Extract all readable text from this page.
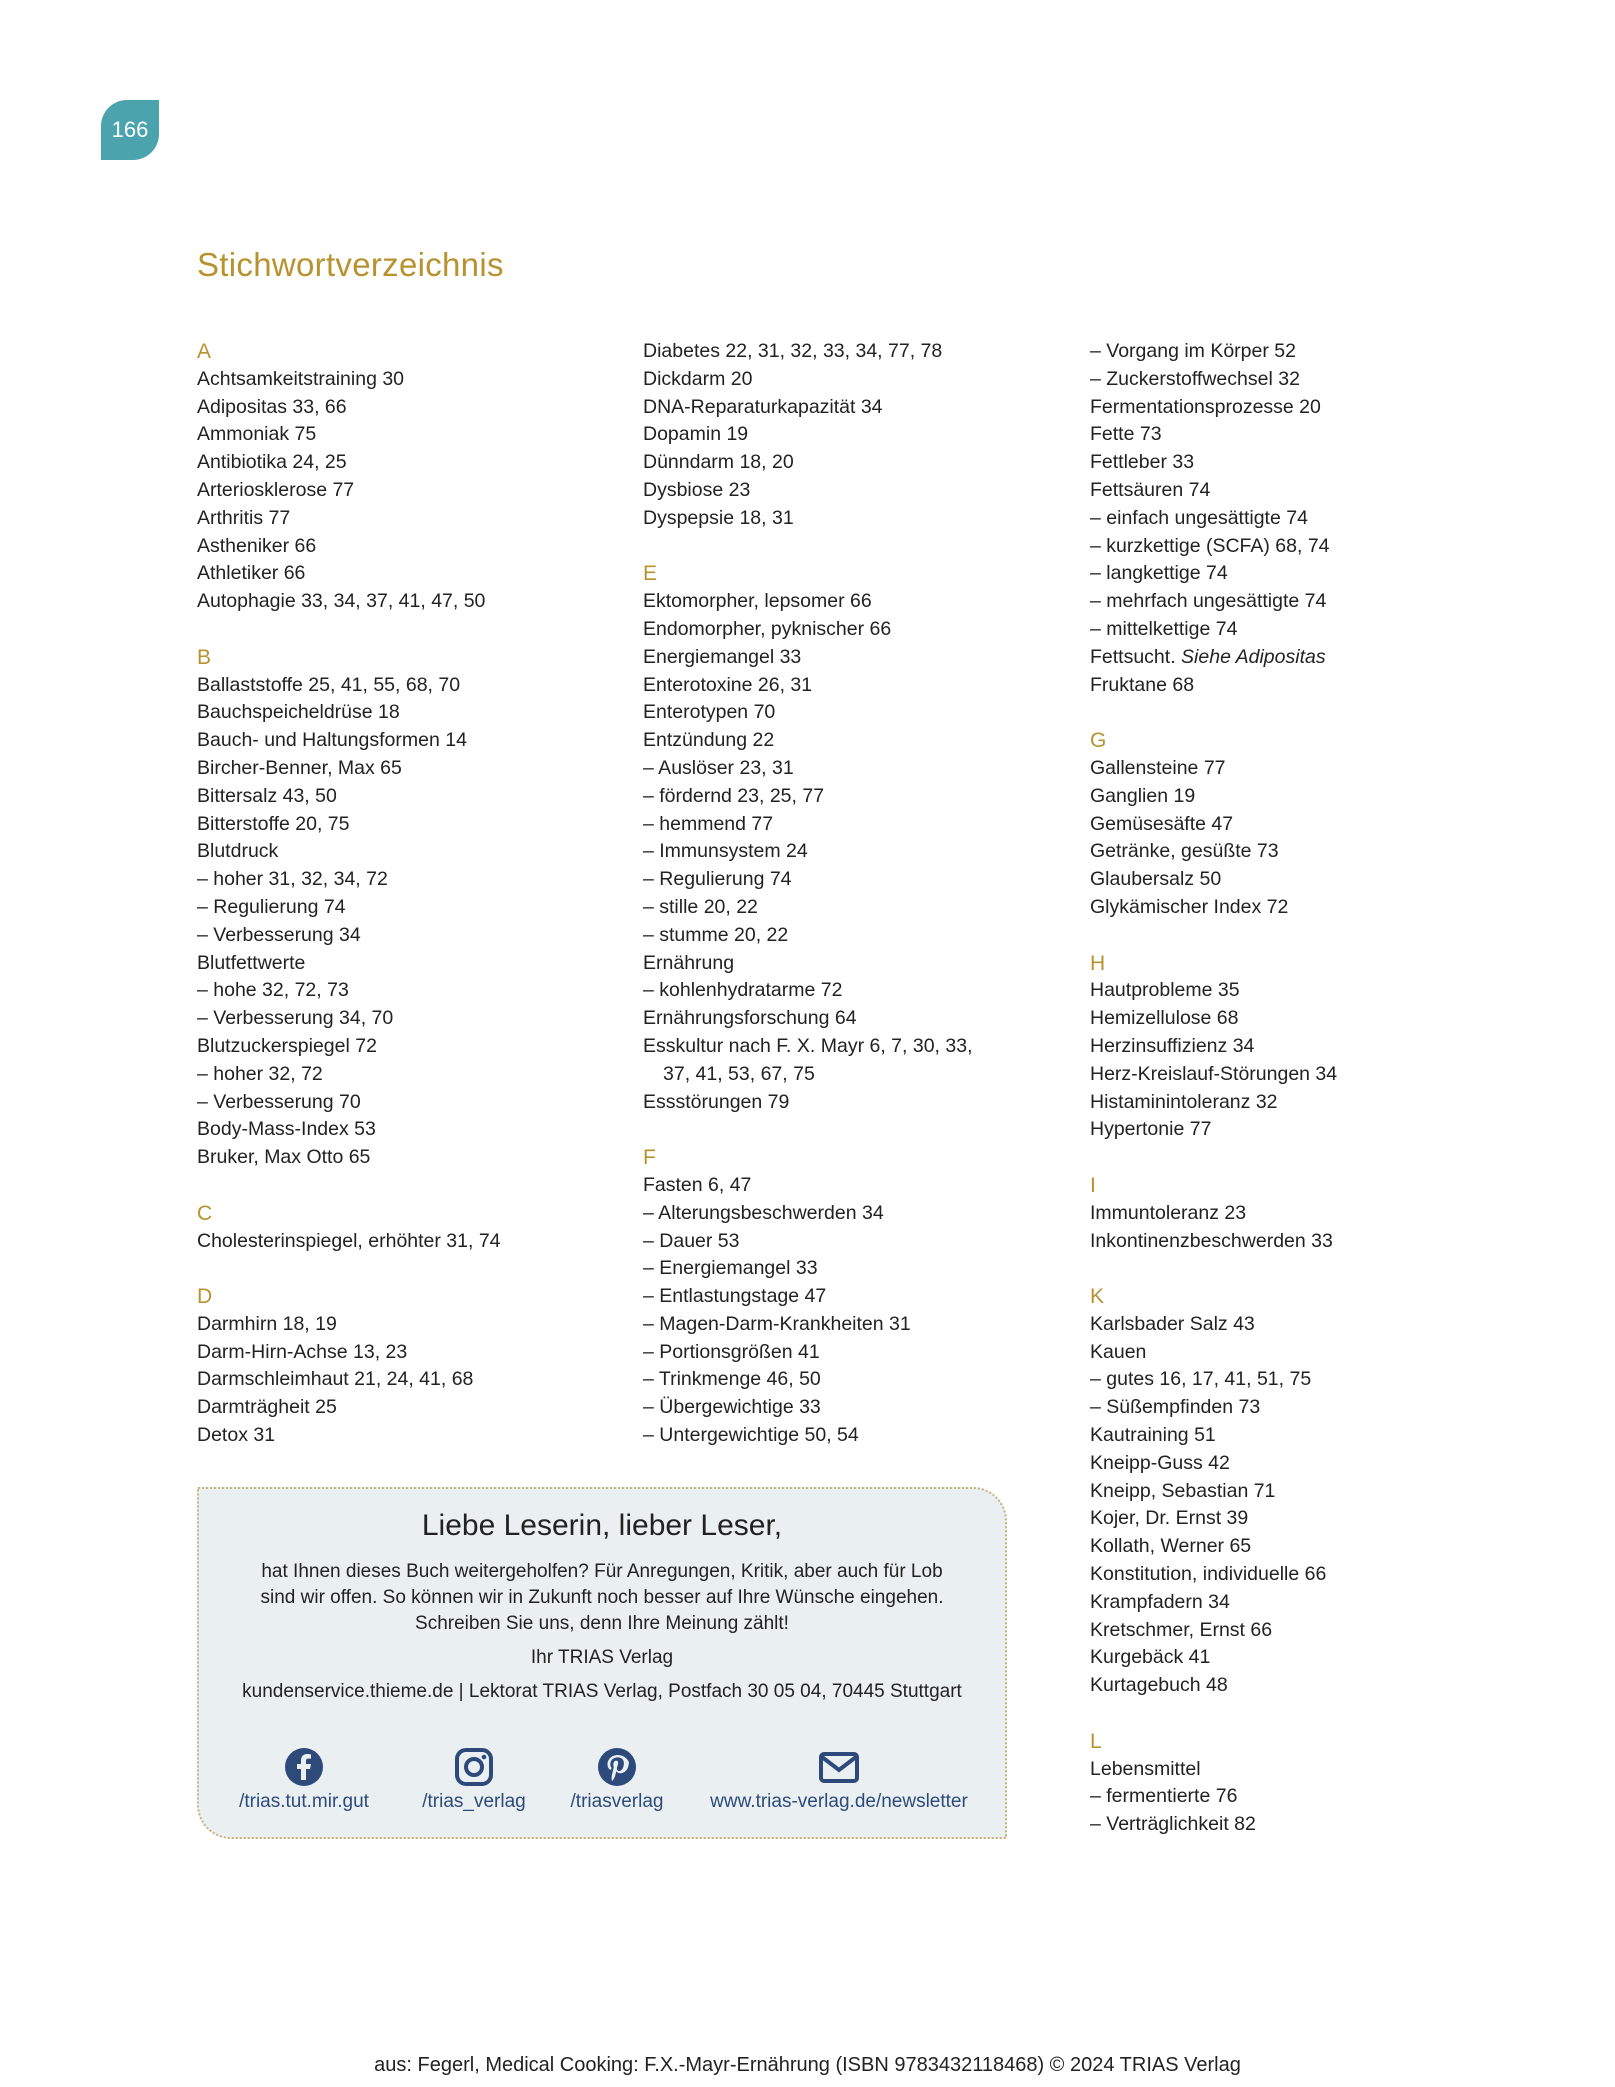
166
Stichwortverzeichnis
A
Achtsamkeitstraining 30
Adipositas 33, 66
Ammoniak 75
Antibiotika 24, 25
Arteriosklerose 77
Arthritis 77
Astheniker 66
Athletiker 66
Autophagie 33, 34, 37, 41, 47, 50
B
Ballaststoffe 25, 41, 55, 68, 70
Bauchspeicheldrüse 18
Bauch- und Haltungsformen 14
Bircher-Benner, Max 65
Bittersalz 43, 50
Bitterstoffe 20, 75
Blutdruck
– hoher 31, 32, 34, 72
– Regulierung 74
– Verbesserung 34
Blutfettwerte
– hohe 32, 72, 73
– Verbesserung 34, 70
Blutzuckerspiegel 72
– hoher 32, 72
– Verbesserung 70
Body-Mass-Index 53
Bruker, Max Otto 65
C
Cholesterinspiegel, erhöhter 31, 74
D
Darmhirn 18, 19
Darm-Hirn-Achse 13, 23
Darmschleimhaut 21, 24, 41, 68
Darmträgheit 25
Detox 31
Diabetes 22, 31, 32, 33, 34, 77, 78
Dickdarm 20
DNA-Reparaturkapazität 34
Dopamin 19
Dünndarm 18, 20
Dysbiose 23
Dyspepsie 18, 31
E
Ektomorpher, lepsomer 66
Endomorpher, pyknischer 66
Energiemangel 33
Enterotoxine 26, 31
Enterotypen 70
Entzündung 22
– Auslöser 23, 31
– fördernd 23, 25, 77
– hemmend 77
– Immunsystem 24
– Regulierung 74
– stille 20, 22
– stumme 20, 22
Ernährung
– kohlenhydratarme 72
Ernährungsforschung 64
Esskultur nach F. X. Mayr 6, 7, 30, 33,
37, 41, 53, 67, 75
Essstörungen 79
F
Fasten 6, 47
– Alterungsbeschwerden 34
– Dauer 53
– Energiemangel 33
– Entlastungstage 47
– Magen-Darm-Krankheiten 31
– Portionsgrößen 41
– Trinkmenge 46, 50
– Übergewichtige 33
– Untergewichtige 50, 54
– Vorgang im Körper 52
– Zuckerstoffwechsel 32
Fermentationsprozesse 20
Fette 73
Fettleber 33
Fettsäuren 74
– einfach ungesättigte 74
– kurzkettige (SCFA) 68, 74
– langkettige 74
– mehrfach ungesättigte 74
– mittelkettige 74
Fettsucht. Siehe Adipositas
Fruktane 68
G
Gallensteine 77
Ganglien 19
Gemüsesäfte 47
Getränke, gesüßte 73
Glaubersalz 50
Glykämischer Index 72
H
Hautprobleme 35
Hemizellulose 68
Herzinsuffizienz 34
Herz-Kreislauf-Störungen 34
Histaminintoleranz 32
Hypertonie 77
I
Immuntoleranz 23
Inkontinenzbeschwerden 33
K
Karlsbader Salz 43
Kauen
– gutes 16, 17, 41, 51, 75
– Süßempfinden 73
Kautraining 51
Kneipp-Guss 42
Kneipp, Sebastian 71
Kojer, Dr. Ernst 39
Kollath, Werner 65
Konstitution, individuelle 66
Krampfadern 34
Kretschmer, Ernst 66
Kurgebäck 41
Kurtagebuch 48
L
Lebensmittel
– fermentierte 76
– Verträglichkeit 82
Liebe Leserin, lieber Leser,
hat Ihnen dieses Buch weitergeholfen? Für Anregungen, Kritik, aber auch für Lob
sind wir offen. So können wir in Zukunft noch besser auf Ihre Wünsche eingehen.
Schreiben Sie uns, denn Ihre Meinung zählt!
Ihr TRIAS Verlag
kundenservice.thieme.de | Lektorat TRIAS Verlag, Postfach 30 05 04, 70445 Stuttgart
/trias.tut.mir.gut	/trias_verlag	/triasverlag	www.trias-verlag.de/newsletter
aus: Fegerl, Medical Cooking: F.X.-Mayr-Ernährung (ISBN 9783432118468) © 2024 TRIAS Verlag
